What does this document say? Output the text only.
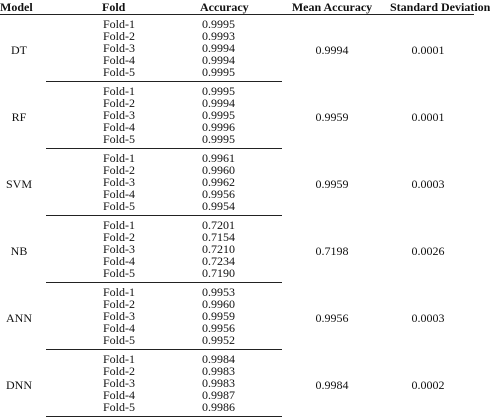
Model	Fold	Accuracy	Mean Accuracy	Standard Deviation
DT	Fold-1	0.9995	0.9994	0.0001
	Fold-2	0.9993		
	Fold-3	0.9994		
	Fold-4	0.9994		
	Fold-5	0.9995		
RF	Fold-1	0.9995	0.9959	0.0001
	Fold-2	0.9994		
	Fold-3	0.9995		
	Fold-4	0.9996		
	Fold-5	0.9995		
SVM	Fold-1	0.9961	0.9959	0.0003
	Fold-2	0.9960		
	Fold-3	0.9962		
	Fold-4	0.9956		
	Fold-5	0.9954		
NB	Fold-1	0.7201	0.7198	0.0026
	Fold-2	0.7154		
	Fold-3	0.7210		
	Fold-4	0.7234		
	Fold-5	0.7190		
ANN	Fold-1	0.9953	0.9956	0.0003
	Fold-2	0.9960		
	Fold-3	0.9959		
	Fold-4	0.9956		
	Fold-5	0.9952		
DNN	Fold-1	0.9984	0.9984	0.0002
	Fold-2	0.9983		
	Fold-3	0.9983		
	Fold-4	0.9987		
	Fold-5	0.9986		
